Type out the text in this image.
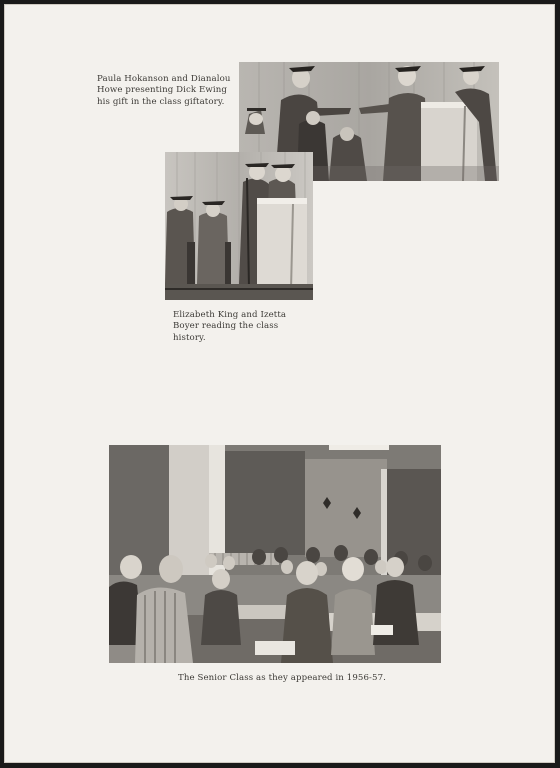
Paula Hokanson and Dianalou
Howe presenting Dick Ewing
his gift in the class giftatory.
Elizabeth King and Izetta
Boyer reading the class
history.
The Senior Class as they appeared in 1956-57.
